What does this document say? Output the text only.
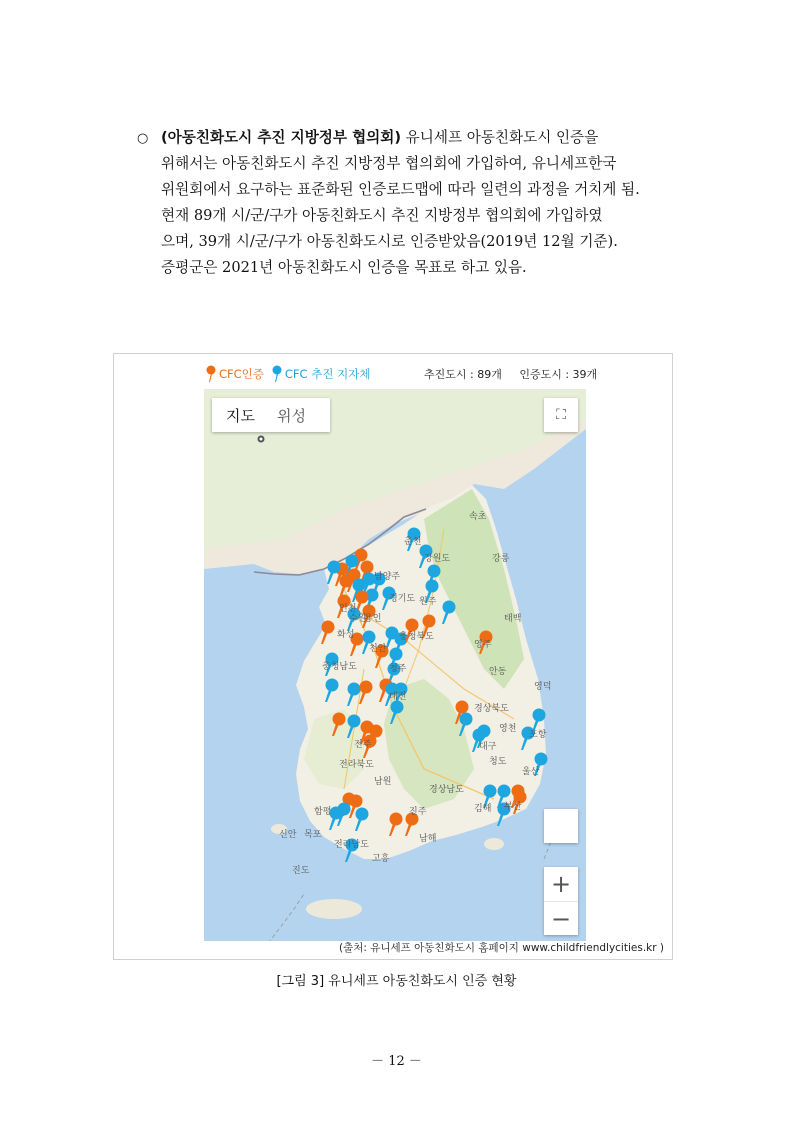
○ (아동친화도시 추진 지방정부 협의회) 유니세프 아동친화도시 인증을
위해서는 아동친화도시 추진 지방정부 협의회에 가입하여, 유니세프한국
위원회에서 요구하는 표준화된 인증로드맵에 따라 일련의 과정을 거치게 됨.
현재 89개 시/군/구가 아동친화도시 추진 지방정부 협의회에 가입하였
으며, 39개 시/군/구가 아동친화도시로 인증받았음(2019년 12월 기준).
증평군은 2021년 아동친화도시 인증을 목표로 하고 있음.
CFC인증 CFC 추진 지자체	추진도시 : 89개 인증도시 : 39개
속초
춘천
강원도	강릉
남양주
인천
경기도
용인
수원
화성
원주
태백
천안
충청북도
영주
안동
영덕
충청남도	청주
대전
경상북도
영천
포항
전주
전라북도
대구
청도
울산
남원
경상남도
부산
김해
함평	진주
신안 목포
전라남도
남해
고흥
진도
지도	위성	⛶
+
−
(출처: 유니세프 아동친화도시 홈페이지 www.childfriendlycities.kr )
[그림 3] 유니세프 아동친화도시 인증 현황
－ 12 －
